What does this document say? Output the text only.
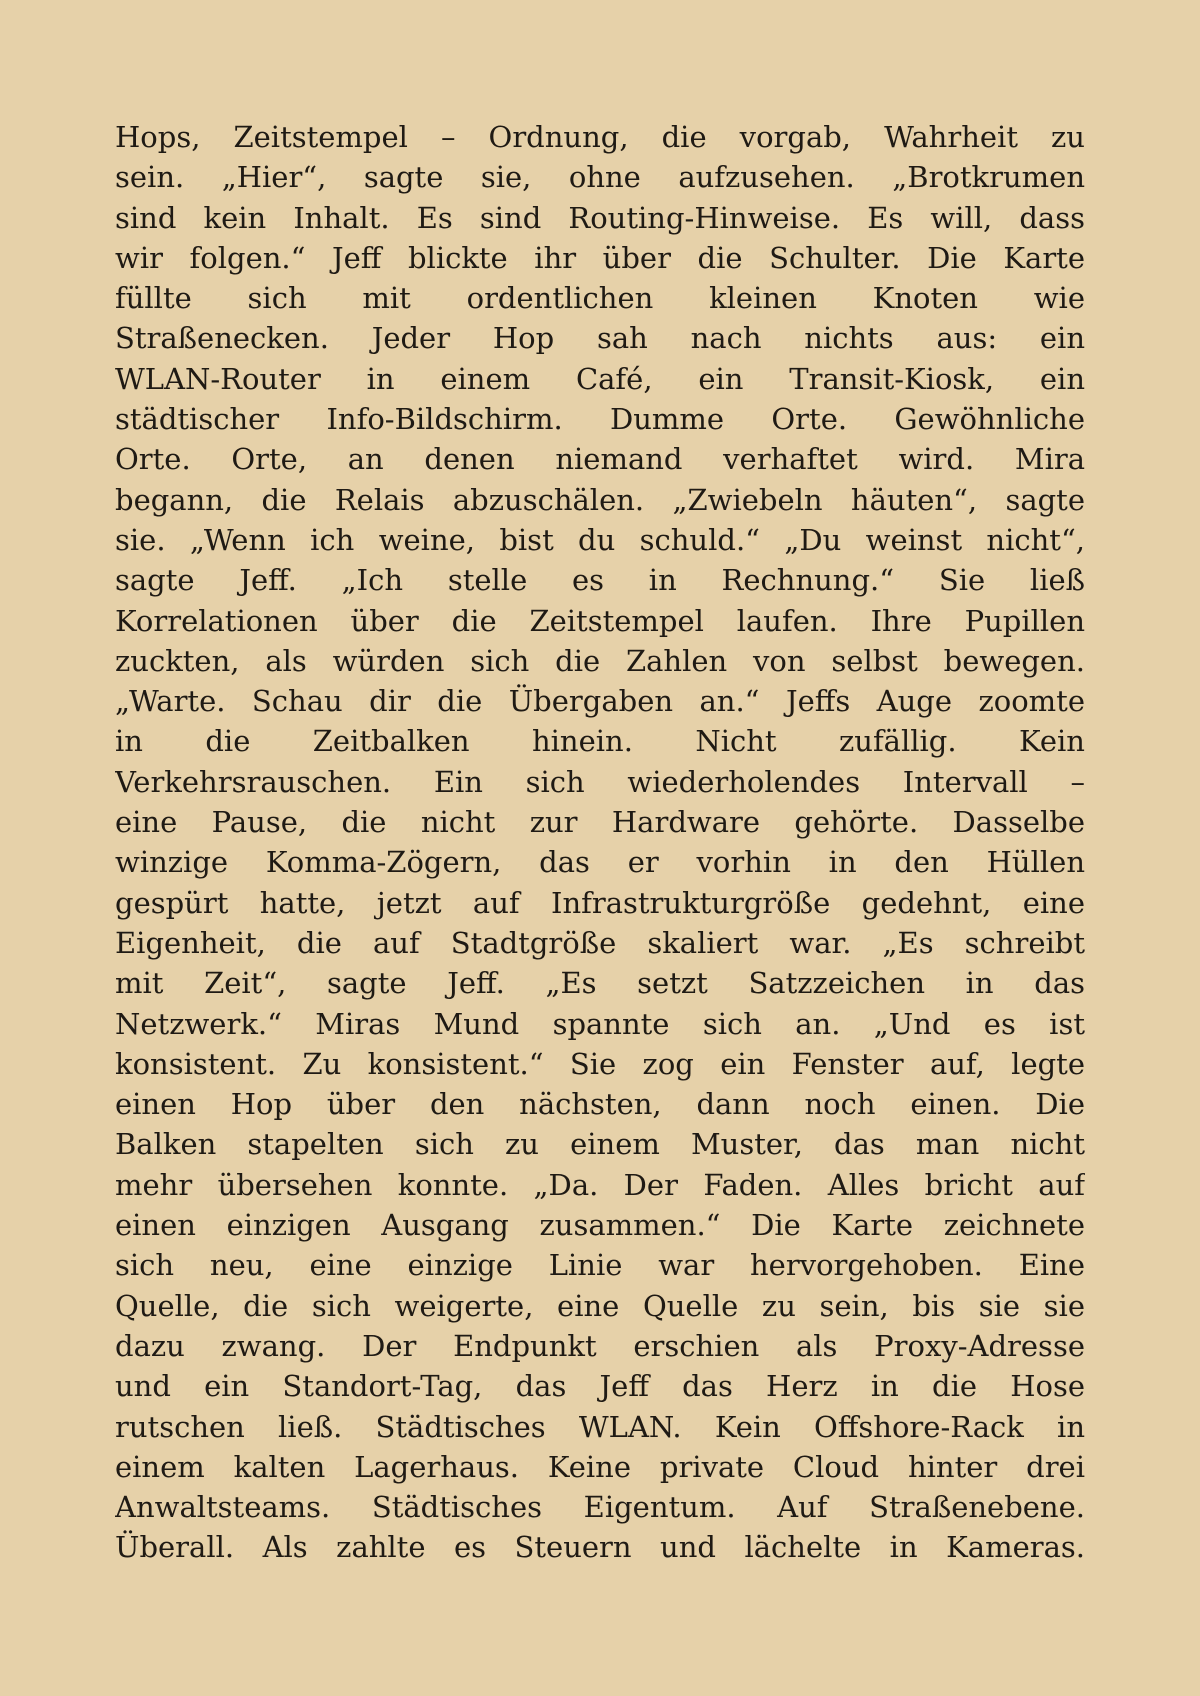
Hops, Zeitstempel – Ordnung, die vorgab, Wahrheit zu
sein. „Hier“, sagte sie, ohne aufzusehen. „Brotkrumen
sind kein Inhalt. Es sind Routing-Hinweise. Es will, dass
wir folgen.“ Jeff blickte ihr über die Schulter. Die Karte
füllte sich mit ordentlichen kleinen Knoten wie
Straßenecken. Jeder Hop sah nach nichts aus: ein
WLAN-Router in einem Café, ein Transit-Kiosk, ein
städtischer Info-Bildschirm. Dumme Orte. Gewöhnliche
Orte. Orte, an denen niemand verhaftet wird. Mira
begann, die Relais abzuschälen. „Zwiebeln häuten“, sagte
sie. „Wenn ich weine, bist du schuld.“ „Du weinst nicht“,
sagte Jeff. „Ich stelle es in Rechnung.“ Sie ließ
Korrelationen über die Zeitstempel laufen. Ihre Pupillen
zuckten, als würden sich die Zahlen von selbst bewegen.
„Warte. Schau dir die Übergaben an.“ Jeffs Auge zoomte
in die Zeitbalken hinein. Nicht zufällig. Kein
Verkehrsrauschen. Ein sich wiederholendes Intervall –
eine Pause, die nicht zur Hardware gehörte. Dasselbe
winzige Komma-Zögern, das er vorhin in den Hüllen
gespürt hatte, jetzt auf Infrastrukturgröße gedehnt, eine
Eigenheit, die auf Stadtgröße skaliert war. „Es schreibt
mit Zeit“, sagte Jeff. „Es setzt Satzzeichen in das
Netzwerk.“ Miras Mund spannte sich an. „Und es ist
konsistent. Zu konsistent.“ Sie zog ein Fenster auf, legte
einen Hop über den nächsten, dann noch einen. Die
Balken stapelten sich zu einem Muster, das man nicht
mehr übersehen konnte. „Da. Der Faden. Alles bricht auf
einen einzigen Ausgang zusammen.“ Die Karte zeichnete
sich neu, eine einzige Linie war hervorgehoben. Eine
Quelle, die sich weigerte, eine Quelle zu sein, bis sie sie
dazu zwang. Der Endpunkt erschien als Proxy-Adresse
und ein Standort-Tag, das Jeff das Herz in die Hose
rutschen ließ. Städtisches WLAN. Kein Offshore-Rack in
einem kalten Lagerhaus. Keine private Cloud hinter drei
Anwaltsteams. Städtisches Eigentum. Auf Straßenebene.
Überall. Als zahlte es Steuern und lächelte in Kameras.
